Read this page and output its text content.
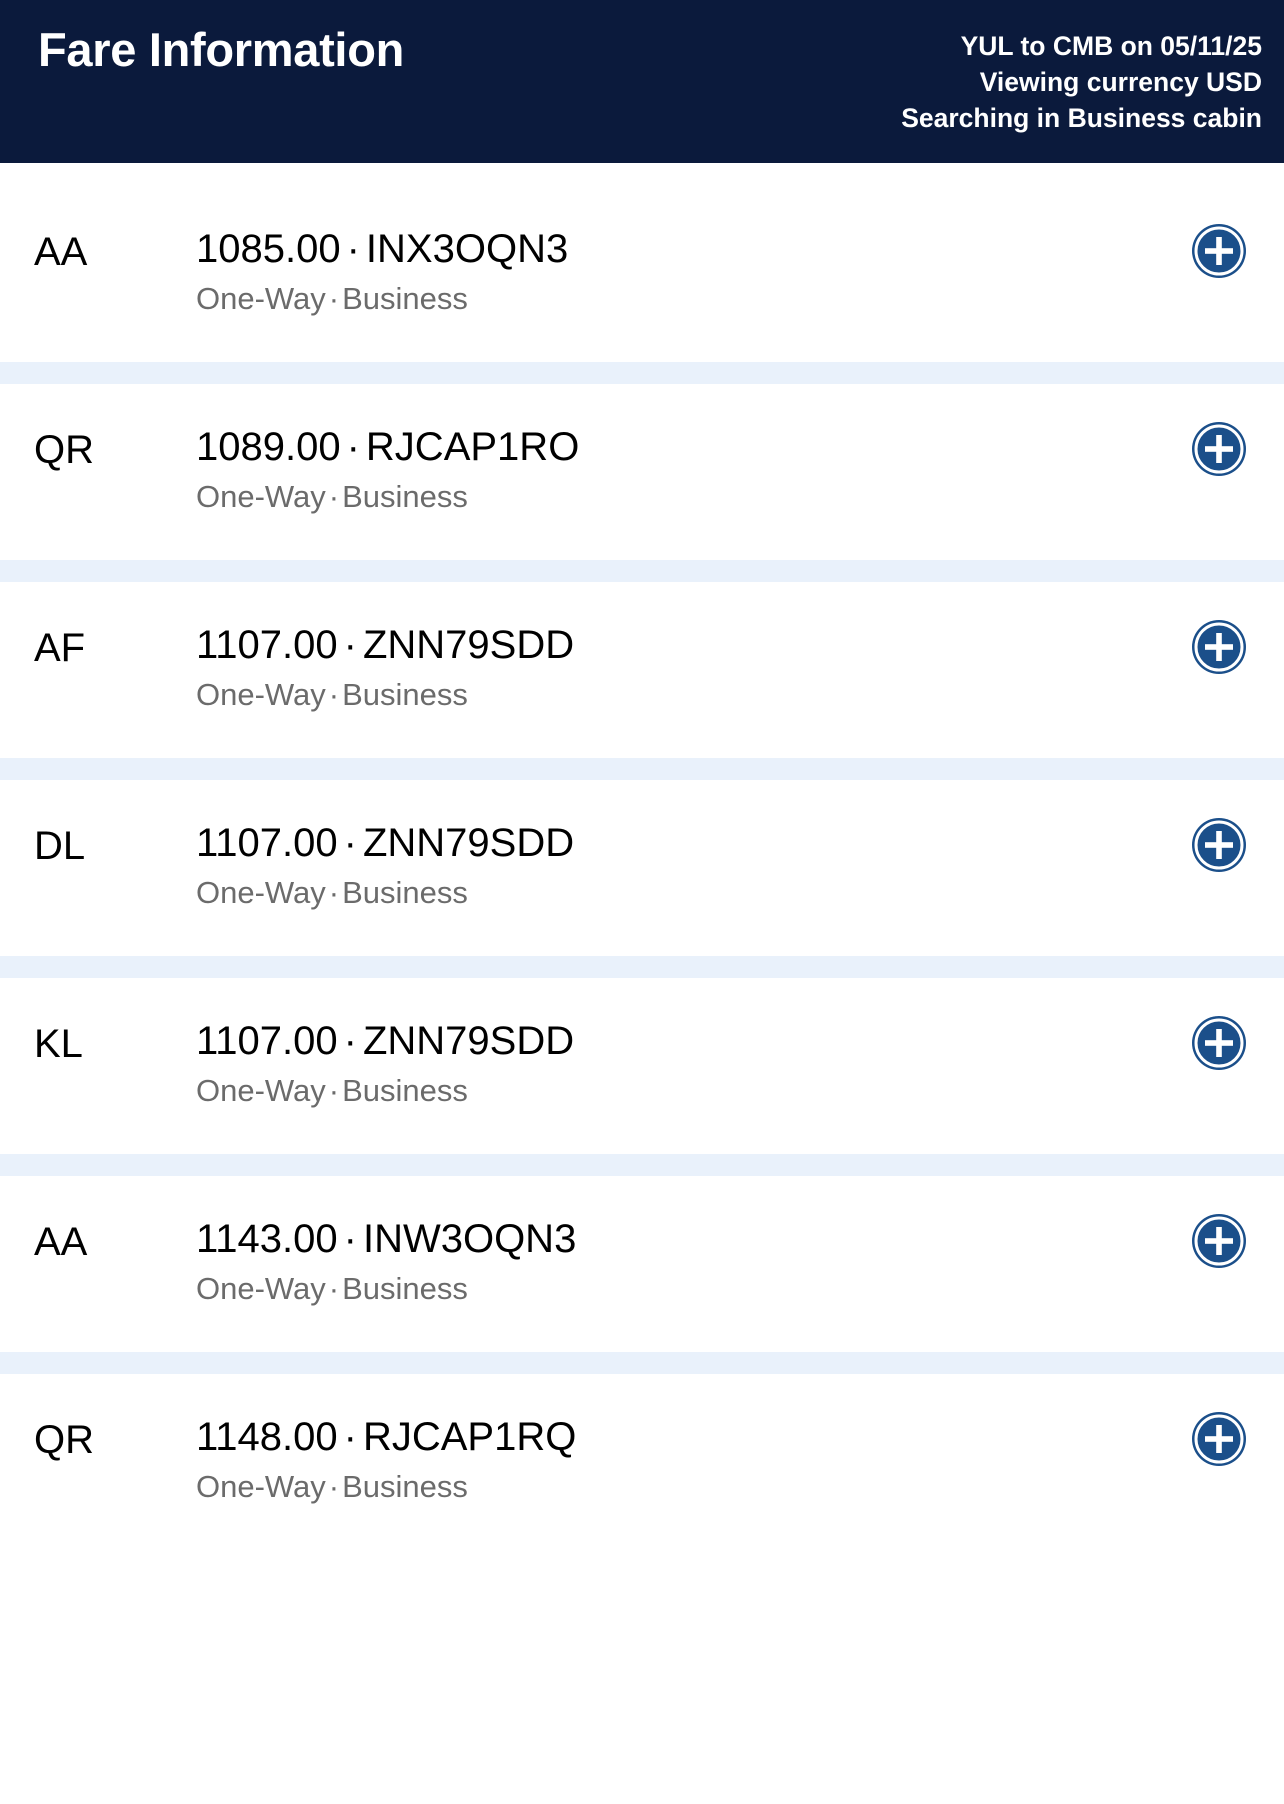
Fare Information	YUL to CMB on 05/11/25
Viewing currency USD
Searching in Business cabin
AA	1085.00 · INX3OQN3
One-Way·Business
QR	1089.00 · RJCAP1RO
One-Way·Business
AF	1107.00 · ZNN79SDD
One-Way·Business
DL	1107.00 · ZNN79SDD
One-Way·Business
KL	1107.00 · ZNN79SDD
One-Way·Business
AA	1143.00 · INW3OQN3
One-Way·Business
QR	1148.00 · RJCAP1RQ
One-Way·Business
